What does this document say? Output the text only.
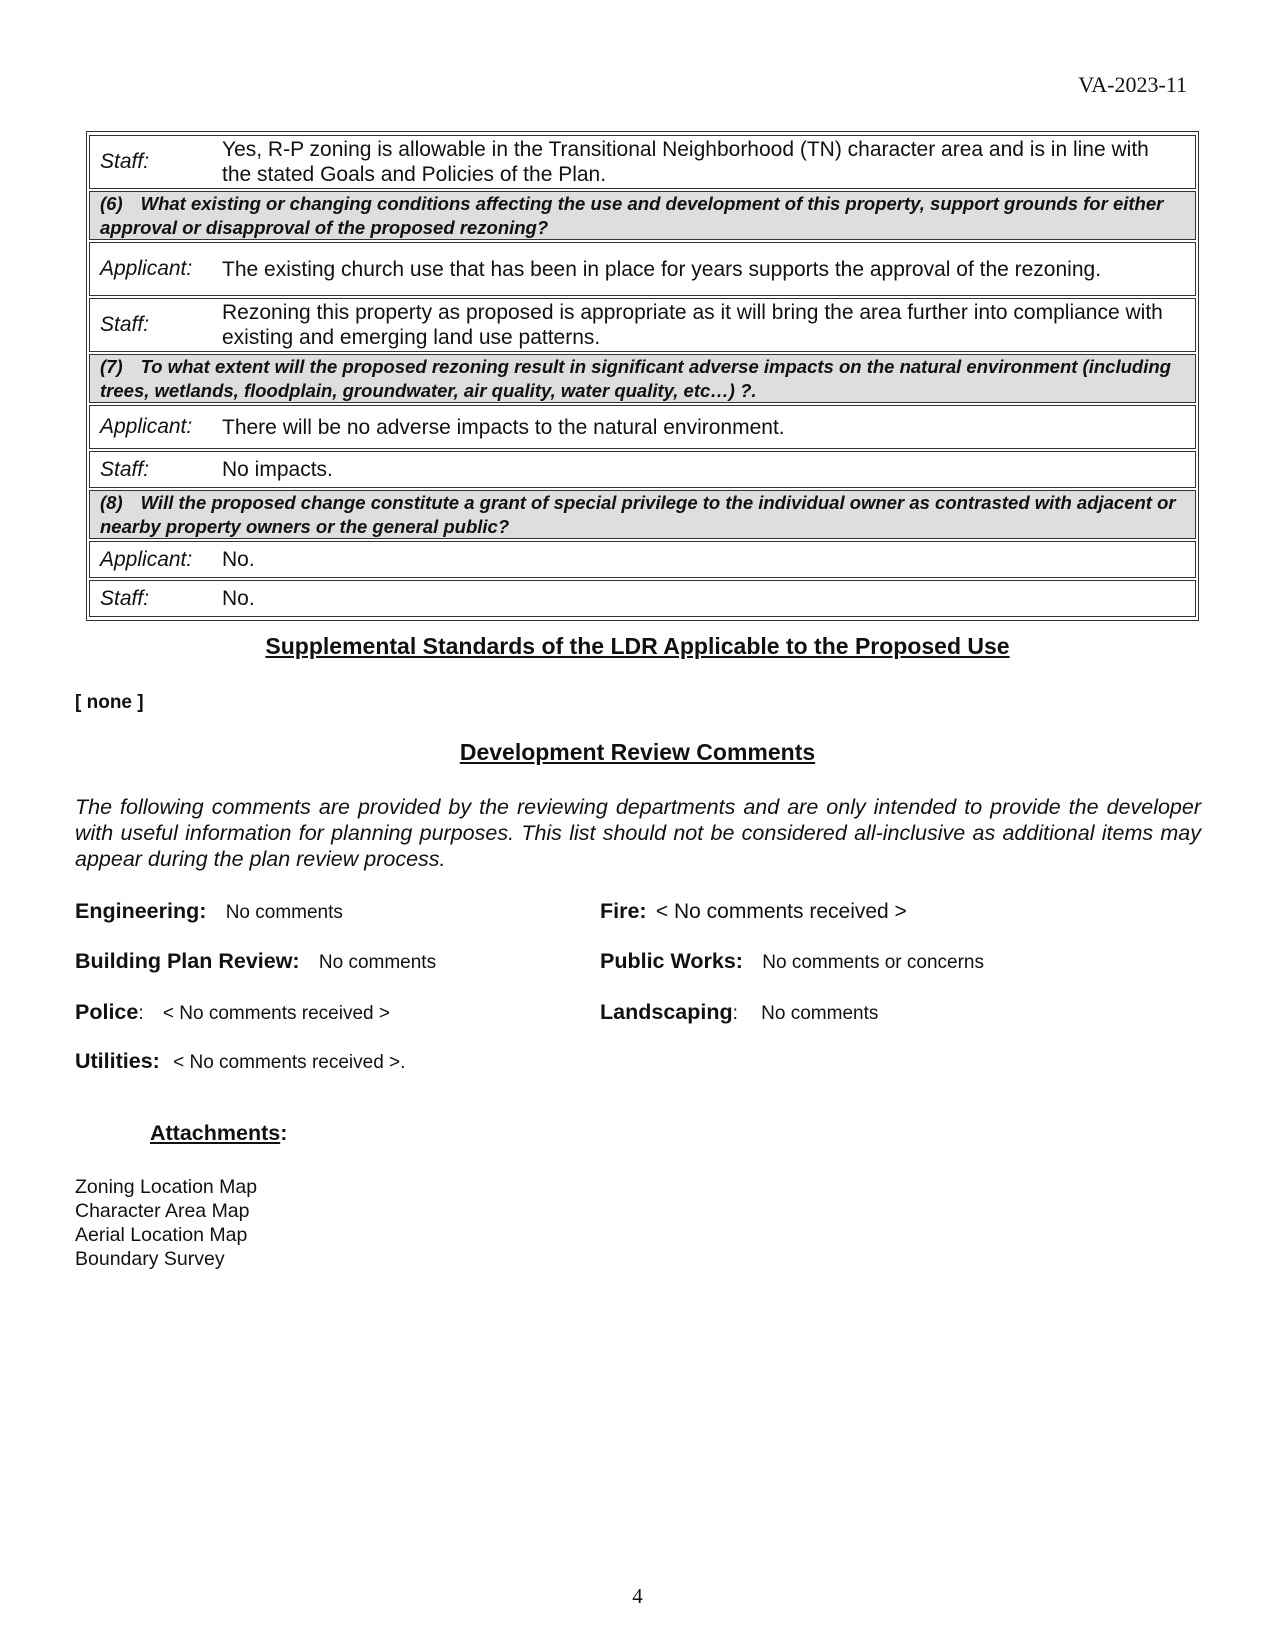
VA-2023-11
Staff:	Yes, R-P zoning is allowable in the Transitional Neighborhood (TN) character area and is in line with the stated Goals and Policies of the Plan.
(6) What existing or changing conditions affecting the use and development of this property, support grounds for either approval or disapproval of the proposed rezoning?	
Applicant:	The existing church use that has been in place for years supports the approval of the rezoning.
Staff:	Rezoning this property as proposed is appropriate as it will bring the area further into compliance with existing and emerging land use patterns.
(7) To what extent will the proposed rezoning result in significant adverse impacts on the natural environment (including trees, wetlands, floodplain, groundwater, air quality, water quality, etc…) ?.	
Applicant:	There will be no adverse impacts to the natural environment.
Staff:	No impacts.
(8) Will the proposed change constitute a grant of special privilege to the individual owner as contrasted with adjacent or nearby property owners or the general public?	
Applicant:	No.
Staff:	No.
Supplemental Standards of the LDR Applicable to the Proposed Use
[ none ]
Development Review Comments
The following comments are provided by the reviewing departments and are only intended to provide the developer with useful information for planning purposes. This list should not be considered all-inclusive as additional items may appear during the plan review process.
Engineering: No comments	Fire: < No comments received >
Building Plan Review: No comments	Public Works: No comments or concerns
Police: < No comments received >	Landscaping: No comments
Utilities: < No comments received >.
Attachments:
Zoning Location Map
Character Area Map
Aerial Location Map
Boundary Survey
4
